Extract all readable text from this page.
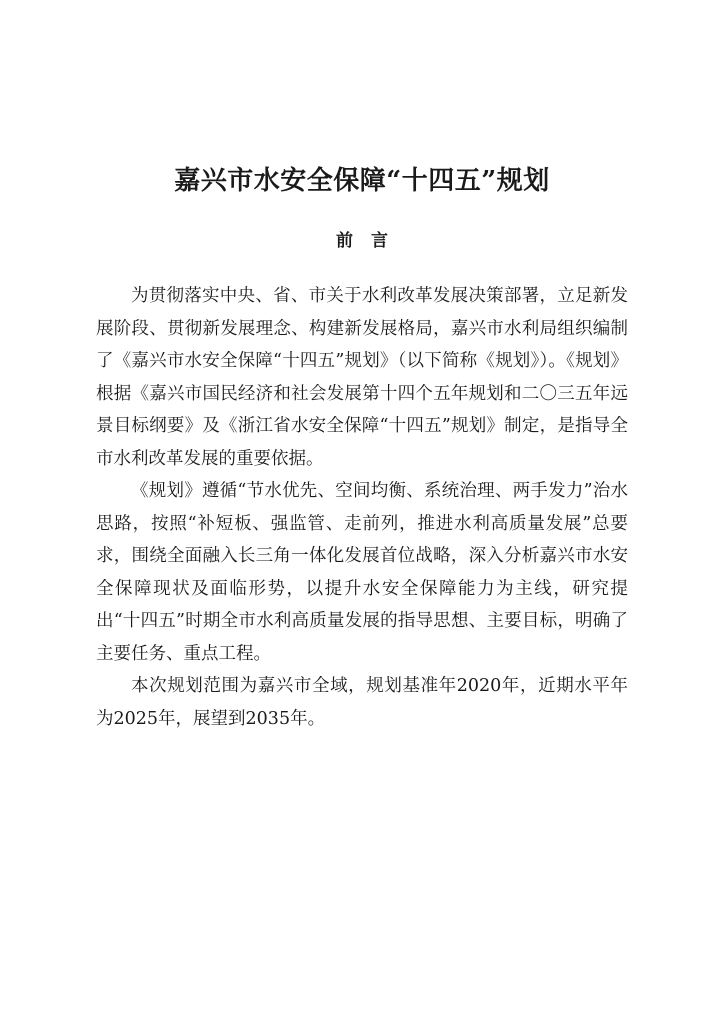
嘉兴市水安全保障“十四五”规划
前言

为贯彻落实中央、省、市关于水利改革发展决策部署，立足新发展阶段、贯彻新发展理念、构建新发展格局，嘉兴市水利局组织编制了《嘉兴市水安全保障“十四五”规划》（以下简称《规划》）。《规划》根据《嘉兴市国民经济和社会发展第十四个五年规划和二〇三五年远景目标纲要》及《浙江省水安全保障“十四五”规划》制定，是指导全市水利改革发展的重要依据。

《规划》遵循“节水优先、空间均衡、系统治理、两手发力”治水思路，按照“补短板、强监管、走前列，推进水利高质量发展”总要求，围绕全面融入长三角一体化发展首位战略，深入分析嘉兴市水安全保障现状及面临形势，以提升水安全保障能力为主线，研究提出“十四五”时期全市水利高质量发展的指导思想、主要目标，明确了主要任务、重点工程。

本次规划范围为嘉兴市全域，规划基准年2020年，近期水平年为2025年，展望到2035年。
